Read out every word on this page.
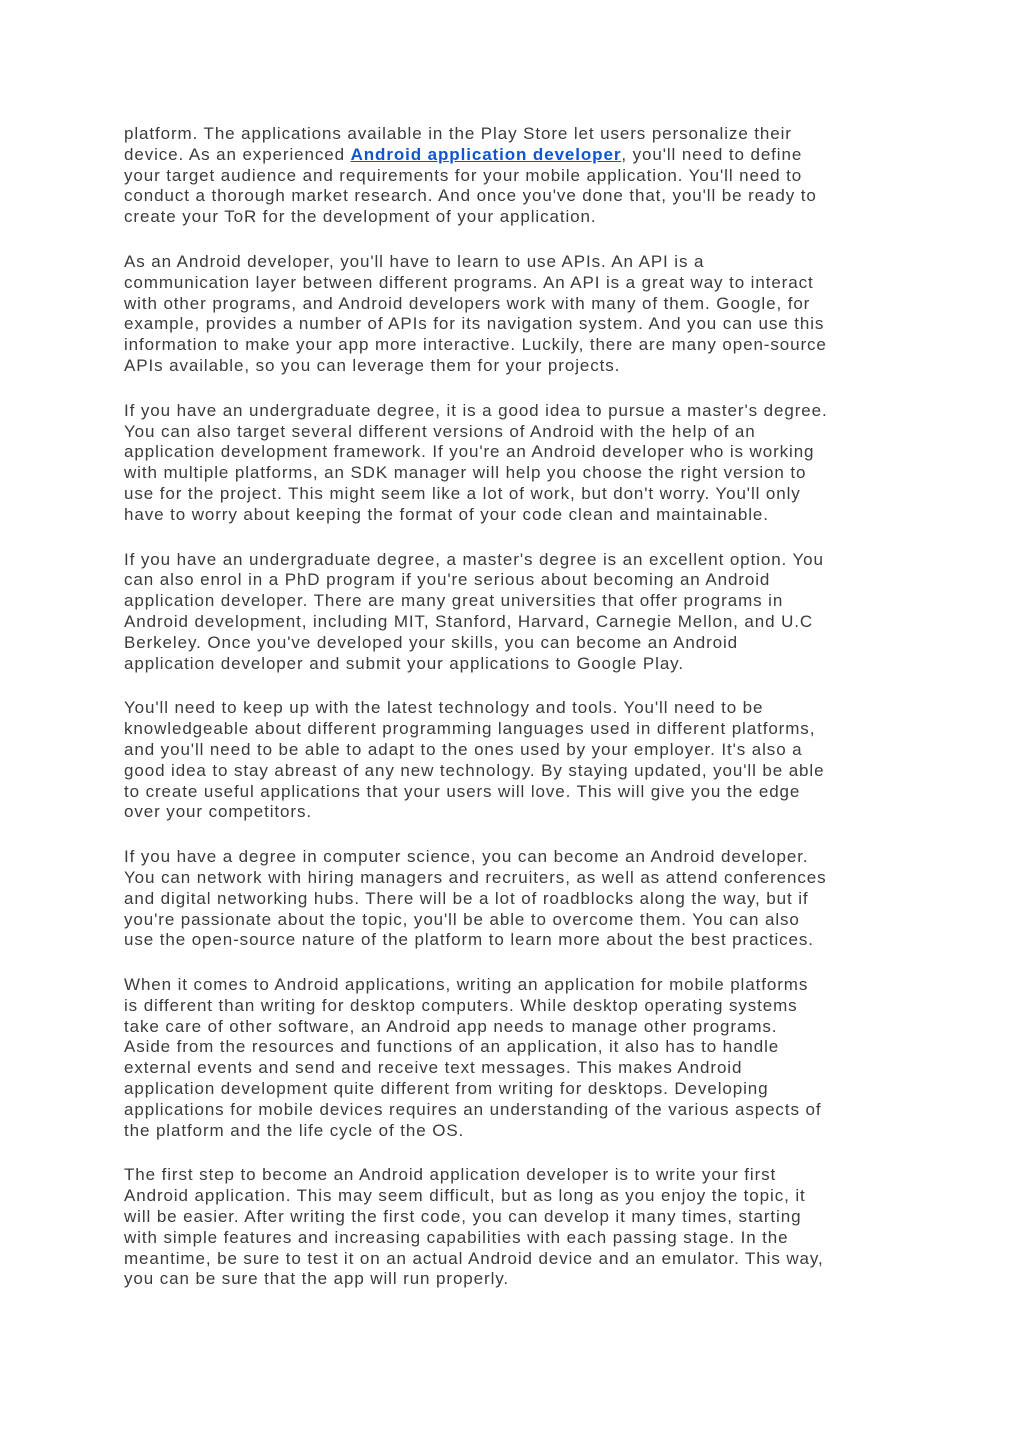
platform. The applications available in the Play Store let users personalize their
device. As an experienced Android application developer, you'll need to define
your target audience and requirements for your mobile application. You'll need to
conduct a thorough market research. And once you've done that, you'll be ready to
create your ToR for the development of your application.

As an Android developer, you'll have to learn to use APIs. An API is a
communication layer between different programs. An API is a great way to interact
with other programs, and Android developers work with many of them. Google, for
example, provides a number of APIs for its navigation system. And you can use this
information to make your app more interactive. Luckily, there are many open-source
APIs available, so you can leverage them for your projects.

If you have an undergraduate degree, it is a good idea to pursue a master's degree.
You can also target several different versions of Android with the help of an
application development framework. If you're an Android developer who is working
with multiple platforms, an SDK manager will help you choose the right version to
use for the project. This might seem like a lot of work, but don't worry. You'll only
have to worry about keeping the format of your code clean and maintainable.

If you have an undergraduate degree, a master's degree is an excellent option. You
can also enrol in a PhD program if you're serious about becoming an Android
application developer. There are many great universities that offer programs in
Android development, including MIT, Stanford, Harvard, Carnegie Mellon, and U.C
Berkeley. Once you've developed your skills, you can become an Android
application developer and submit your applications to Google Play.

You'll need to keep up with the latest technology and tools. You'll need to be
knowledgeable about different programming languages used in different platforms,
and you'll need to be able to adapt to the ones used by your employer. It's also a
good idea to stay abreast of any new technology. By staying updated, you'll be able
to create useful applications that your users will love. This will give you the edge
over your competitors.

If you have a degree in computer science, you can become an Android developer.
You can network with hiring managers and recruiters, as well as attend conferences
and digital networking hubs. There will be a lot of roadblocks along the way, but if
you're passionate about the topic, you'll be able to overcome them. You can also
use the open-source nature of the platform to learn more about the best practices.

When it comes to Android applications, writing an application for mobile platforms
is different than writing for desktop computers. While desktop operating systems
take care of other software, an Android app needs to manage other programs.
Aside from the resources and functions of an application, it also has to handle
external events and send and receive text messages. This makes Android
application development quite different from writing for desktops. Developing
applications for mobile devices requires an understanding of the various aspects of
the platform and the life cycle of the OS.

The first step to become an Android application developer is to write your first
Android application. This may seem difficult, but as long as you enjoy the topic, it
will be easier. After writing the first code, you can develop it many times, starting
with simple features and increasing capabilities with each passing stage. In the
meantime, be sure to test it on an actual Android device and an emulator. This way,
you can be sure that the app will run properly.
